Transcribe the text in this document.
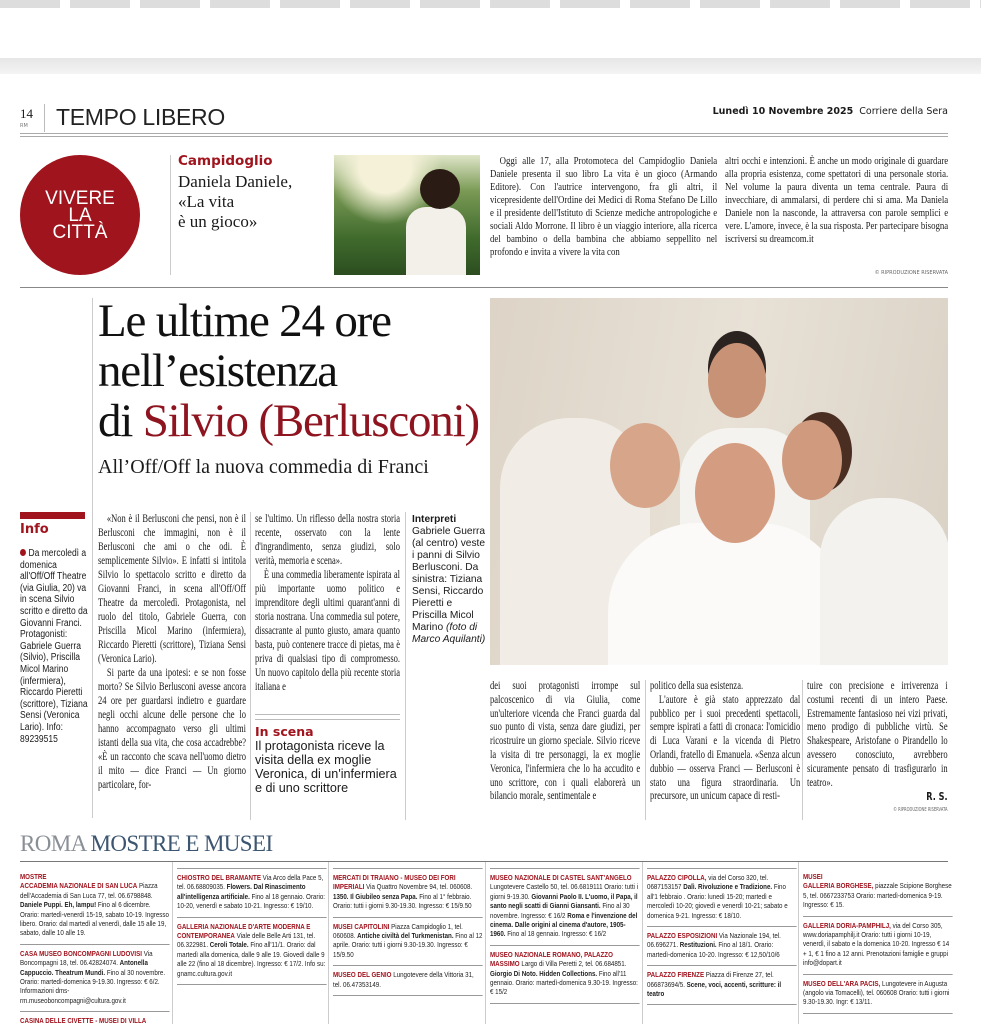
14
RM TEMPO LIBERO	Lunedì 10 Novembre 2025 Corriere della Sera
VIVERE
LA
CITTÀ
Campidoglio
Daniela Daniele,
«La vita
è un gioco»

Oggi alle 17, alla Protomoteca del Campidoglio Daniela Daniele presenta il suo libro La vita è un gioco (Armando Editore). Con l'autrice intervengono, fra gli altri, il vicepresidente dell'Ordine dei Medici di Roma Stefano De Lillo e il presidente dell'Istituto di Scienze mediche antropologiche e sociali Aldo Morrone. Il libro è un viaggio interiore, alla ricerca del bambino o della bambina che abbiamo seppellito nel profondo e invita a vivere la vita con

altri occhi e intenzioni. È anche un modo originale di guardare alla propria esistenza, come spettatori di una personale storia. Nel volume la paura diventa un tema centrale. Paura di invecchiare, di ammalarsi, di perdere chi si ama. Ma Daniela Daniele non la nasconde, la attraversa con parole semplici e vere. L'amore, invece, è la sua risposta. Per partecipare bisogna iscriversi su dreamcom.it

© RIPRODUZIONE RISERVATA
Le ultime 24 ore
nell’esistenza
di Silvio (Berlusconi)
All’Off/Off la nuova commedia di Franci
Info
Da mercoledì a domenica all'Off/Off Theatre (via Giulia, 20) va in scena Silvio scritto e diretto da Giovanni Franci. Protagonisti: Gabriele Guerra (Silvio), Priscilla Micol Marino (infermiera), Riccardo Pieretti (scrittore), Tiziana Sensi (Veronica Lario). Info: 89239515

«Non è il Berlusconi che pensi, non è il Berlusconi che immagini, non è il Berlusconi che ami o che odi. È semplicemente Silvio». E infatti si intitola Silvio lo spettacolo scritto e diretto da Giovanni Franci, in scena all'Off/Off Theatre da mercoledì. Protagonista, nel ruolo del titolo, Gabriele Guerra, con Priscilla Micol Marino (infermiera), Riccardo Pieretti (scrittore), Tiziana Sensi (Veronica Lario).

Si parte da una ipotesi: e se non fosse morto? Se Silvio Berlusconi avesse ancora 24 ore per guardarsi indietro e guardare negli occhi alcune delle persone che lo hanno accompagnato verso gli ultimi istanti della sua vita, che cosa accadrebbe? «È un racconto che scava nell'uomo dietro il mito — dice Franci — Un giorno particolare, for-

se l'ultimo. Un riflesso della nostra storia recente, osservato con la lente d'ingrandimento, senza giudizi, solo verità, memoria e scena».

È una commedia liberamente ispirata al più importante uomo politico e imprenditore degli ultimi quarant'anni di storia nostrana. Una commedia sul potere, dissacrante al punto giusto, amara quanto basta, può contenere tracce di pietas, ma è priva di qualsiasi tipo di compromesso. Un nuovo capitolo della più recente storia italiana e

In scena
Il protagonista riceve la visita della ex moglie Veronica, di un'infermiera e di uno scrittore
Interpreti
Gabriele Guerra (al centro) veste i panni di Silvio Berlusconi. Da sinistra: Tiziana Sensi, Riccardo Pieretti e Priscilla Micol Marino (foto di Marco Aquilanti)

dei suoi protagonisti irrompe sul palcoscenico di via Giulia, come un'ulteriore vicenda che Franci guarda dal suo punto di vista, senza dare giudizi, per ricostruire un giorno speciale. Silvio riceve la visita di tre personaggi, la ex moglie Veronica, l'infermiera che lo ha accudito e uno scrittore, con i quali elaborerà un bilancio morale, sentimentale e

politico della sua esistenza.

L'autore è già stato apprezzato dal pubblico per i suoi precedenti spettacoli, sempre ispirati a fatti di cronaca: l'omicidio di Luca Varani e la vicenda di Pietro Orlandi, fratello di Emanuela. «Senza alcun dubbio — osserva Franci — Berlusconi è stato una figura straordinaria. Un precursore, un unicum capace di resti-

tuire con precisione e irriverenza i costumi recenti di un intero Paese. Estremamente fantasioso nei vizi privati, meno prodigo di pubbliche virtù. Se Shakespeare, Aristofane o Pirandello lo avessero conosciuto, avrebbero sicuramente pensato di trasfigurarlo in teatro».

R. S.
© RIPRODUZIONE RISERVATA
ROMA MOSTRE E MUSEI
MOSTRE
ACCADEMIA NAZIONALE DI SAN LUCA Piazza dell'Accademia di San Luca 77, tel. 06.6798848. Daniele Puppi. Eh, lampu! Fino al 6 dicembre. Orario: martedì-venerdì 15-19, sabato 10-19. Ingresso libero. Orario: dal martedì al venerdì, dalle 15 alle 19, sabato, dalle 10 alle 19.
CASA MUSEO BONCOMPAGNI LUDOVISI Via Boncompagni 18, tel. 06.42824074. Antonella Cappuccio. Theatrum Mundi. Fino al 30 novembre. Orario: martedì-domenica 9-19.30. Ingresso: € 6/2. Informazioni dms-rm.museoboncompagni@cultura.gov.it
CASINA DELLE CIVETTE - MUSEI DI VILLA
CHIOSTRO DEL BRAMANTE Via Arco della Pace 5, tel. 06.68809035. Flowers. Dal Rinascimento all'intelligenza artificiale. Fino al 18 gennaio. Orario: 10-20, venerdì e sabato 10-21. Ingresso: € 19/10.
GALLERIA NAZIONALE D'ARTE MODERNA E CONTEMPORANEA Viale delle Belle Arti 131, tel. 06.322981. Ceroli Totale. Fino all'11/1. Orario: dal martedì alla domenica, dalle 9 alle 19. Giovedì dalle 9 alle 22 (fino al 18 dicembre). Ingresso: € 17/2. Info su: gnamc.cultura.gov.it
MERCATI DI TRAIANO - MUSEO DEI FORI IMPERIALI Via Quattro Novembre 94, tel. 060608. 1350. Il Giubileo senza Papa. Fino al 1° febbraio. Orario: tutti i giorni 9.30-19.30. Ingresso: € 15/9.50
MUSEI CAPITOLINI Piazza Campidoglio 1, tel. 060608. Antiche civiltà del Turkmenistan. Fino al 12 aprile. Orario: tutti i giorni 9.30-19.30. Ingresso: € 15/9.50
MUSEO DEL GENIO Lungotevere della Vittoria 31, tel. 06.47353149.
MUSEO NAZIONALE DI CASTEL SANT'ANGELO Lungotevere Castello 50, tel. 06.6819111 Orario: tutti i giorni 9-19.30. Giovanni Paolo II. L'uomo, il Papa, il santo negli scatti di Gianni Giansanti. Fino al 30 novembre. Ingresso: € 16/2 Roma e l'invenzione del cinema. Dalle origini al cinema d'autore, 1905-1960. Fino al 18 gennaio. Ingresso: € 16/2
MUSEO NAZIONALE ROMANO, PALAZZO MASSIMO Largo di Villa Peretti 2, tel. 06.684851. Giorgio Di Noto. Hidden Collections. Fino all'11 gennaio. Orario: martedì-domenica 9.30-19. Ingresso: € 15/2
PALAZZO CIPOLLA, via del Corso 320, tel. 0687153157 Dalì. Rivoluzione e Tradizione. Fino all'1 febbraio . Orario: lunedì 15-20; martedì e mercoledì 10-20; giovedì e venerdì 10-21; sabato e domenica 9-21. Ingresso: € 18/10.
PALAZZO ESPOSIZIONI Via Nazionale 194, tel. 06.696271. Restituzioni. Fino al 18/1. Orario: martedì-domenica 10-20. Ingresso: € 12,50/10/6
PALAZZO FIRENZE Piazza di Firenze 27, tel. 066873694/5. Scene, voci, accenti, scritture: il teatro
MUSEI
GALLERIA BORGHESE, piazzale Scipione Borghese 5, tel. 0667233753 Orario: martedì-domenica 9-19. Ingresso: € 15.
GALLERIA DORIA-PAMPHILJ, via del Corso 305, www.doriapamphilj.it Orario: tutti i giorni 10-19, venerdì, il sabato e la domenica 10-20. Ingresso € 14 + 1, € 1 fino a 12 anni. Prenotazioni famiglie e gruppi info@dopart.it
MUSEO DELL'ARA PACIS, Lungotevere in Augusta (angolo via Tomacelli), tel. 060608 Orario: tutti i giorni 9.30-19.30. Ingr: € 13/11.
